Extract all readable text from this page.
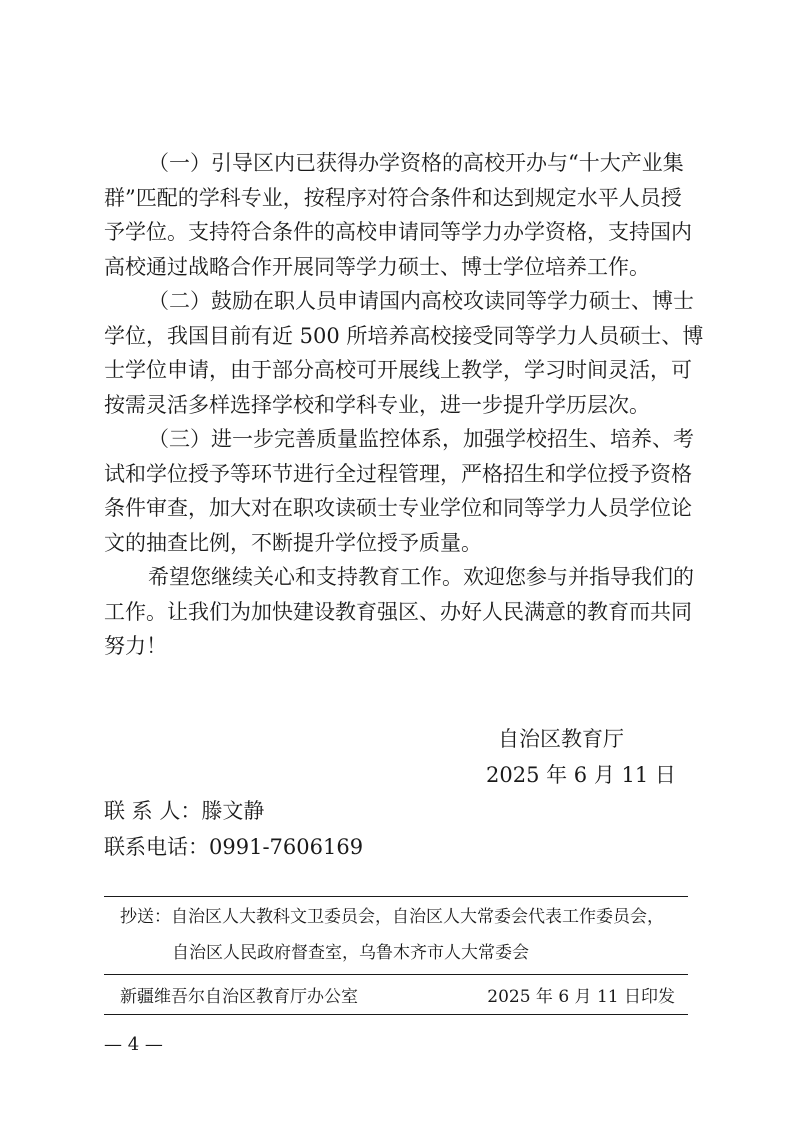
（一）引导区内已获得办学资格的高校开办与“十大产业集
群”匹配的学科专业，按程序对符合条件和达到规定水平人员授
予学位。支持符合条件的高校申请同等学力办学资格，支持国内
高校通过战略合作开展同等学力硕士、博士学位培养工作。

（二）鼓励在职人员申请国内高校攻读同等学力硕士、博士
学位，我国目前有近 500 所培养高校接受同等学力人员硕士、博
士学位申请，由于部分高校可开展线上教学，学习时间灵活，可
按需灵活多样选择学校和学科专业，进一步提升学历层次。

（三）进一步完善质量监控体系，加强学校招生、培养、考
试和学位授予等环节进行全过程管理，严格招生和学位授予资格
条件审查，加大对在职攻读硕士专业学位和同等学力人员学位论
文的抽查比例，不断提升学位授予质量。

希望您继续关心和支持教育工作。欢迎您参与并指导我们的
工作。让我们为加快建设教育强区、办好人民满意的教育而共同
努力！

自治区教育厅
2025 年 6 月 11 日
联 系 人：滕文静
联系电话：0991-7606169
抄送：自治区人大教科文卫委员会，自治区人大常委会代表工作委员会，
自治区人民政府督查室，乌鲁木齐市人大常委会
新疆维吾尔自治区教育厅办公室	2025 年 6 月 11 日印发
— 4 —
